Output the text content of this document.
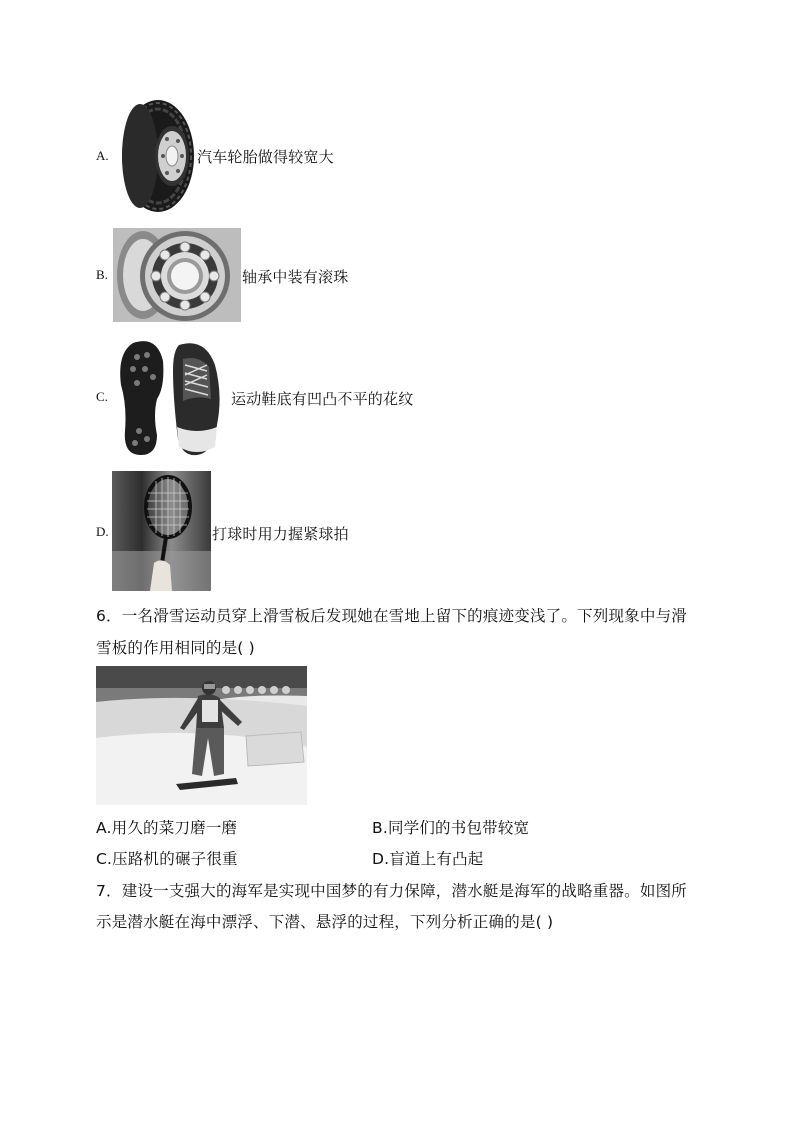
A.	汽车轮胎做得较宽大
B.	轴承中装有滚珠
C.	运动鞋底有凹凸不平的花纹
D.	打球时用力握紧球拍
6．一名滑雪运动员穿上滑雪板后发现她在雪地上留下的痕迹变浅了。下列现象中与滑
雪板的作用相同的是( )
A.用久的菜刀磨一磨	B.同学们的书包带较宽
C.压路机的碾子很重	D.盲道上有凸起
7．建设一支强大的海军是实现中国梦的有力保障，潜水艇是海军的战略重器。如图所
示是潜水艇在海中漂浮、下潜、悬浮的过程，下列分析正确的是( )
